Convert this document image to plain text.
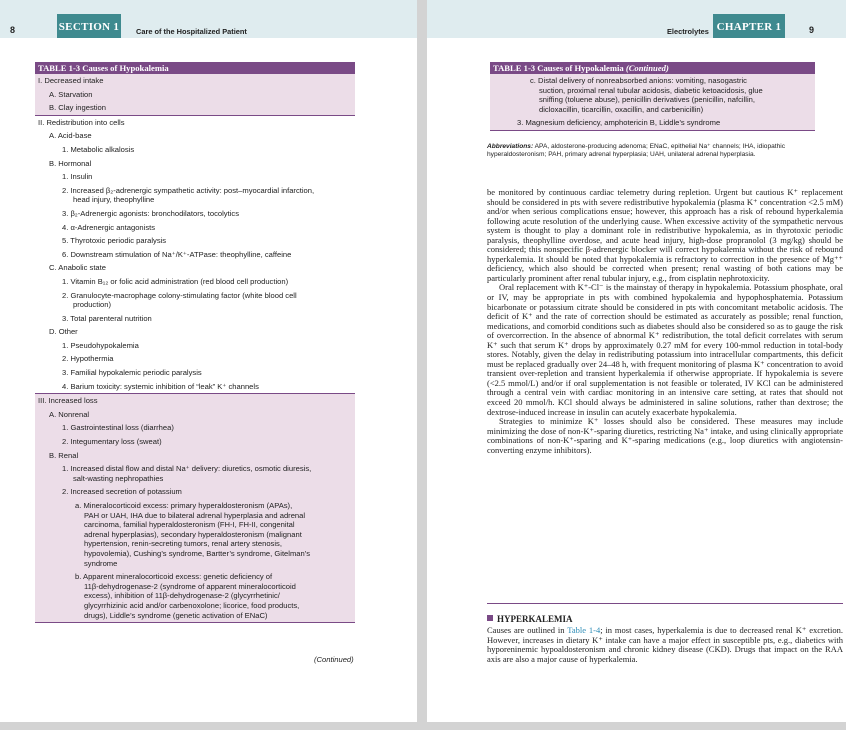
8	SECTION 1 Care of the Hospitalized Patient
TABLE 1-3 Causes of Hypokalemia
I. Decreased intake
A. Starvation
B. Clay ingestion
II. Redistribution into cells
A. Acid-base
1. Metabolic alkalosis
B. Hormonal
1. Insulin
2. Increased β₂-adrenergic sympathetic activity: post–myocardial infarction,
head injury, theophylline
3. β₂-Adrenergic agonists: bronchodilators, tocolytics
4. α-Adrenergic antagonists
5. Thyrotoxic periodic paralysis
6. Downstream stimulation of Na⁺/K⁺-ATPase: theophylline, caffeine
C. Anabolic state
1. Vitamin B₁₂ or folic acid administration (red blood cell production)
2. Granulocyte-macrophage colony-stimulating factor (white blood cell
production)
3. Total parenteral nutrition
D. Other
1. Pseudohypokalemia
2. Hypothermia
3. Familial hypokalemic periodic paralysis
4. Barium toxicity: systemic inhibition of “leak” K⁺ channels
III. Increased loss
A. Nonrenal
1. Gastrointestinal loss (diarrhea)
2. Integumentary loss (sweat)
B. Renal
1. Increased distal flow and distal Na⁺ delivery: diuretics, osmotic diuresis,
salt-wasting nephropathies
2. Increased secretion of potassium
a. Mineralocorticoid excess: primary hyperaldosteronism (APAs),
PAH or UAH, IHA due to bilateral adrenal hyperplasia and adrenal
carcinoma, familial hyperaldosteronism (FH-I, FH-II, congenital
adrenal hyperplasias), secondary hyperaldosteronism (malignant
hypertension, renin-secreting tumors, renal artery stenosis,
hypovolemia), Cushing’s syndrome, Bartter’s syndrome, Gitelman’s
syndrome
b. Apparent mineralocorticoid excess: genetic deficiency of
11β-dehydrogenase-2 (syndrome of apparent mineralocorticoid
excess), inhibition of 11β-dehydrogenase-2 (glycyrrhetinic/
glycyrrhizinic acid and/or carbenoxolone; licorice, food products,
drugs), Liddle’s syndrome (genetic activation of ENaC)
(Continued)
Electrolytes CHAPTER 1	9
TABLE 1-3 Causes of Hypokalemia (Continued)
c. Distal delivery of nonreabsorbed anions: vomiting, nasogastric
suction, proximal renal tubular acidosis, diabetic ketoacidosis, glue
sniffing (toluene abuse), penicillin derivatives (penicillin, nafcillin,
dicloxacillin, ticarcillin, oxacillin, and carbenicillin)
3. Magnesium deficiency, amphotericin B, Liddle’s syndrome
Abbreviations: APA, aldosterone-producing adenoma; ENaC, epithelial Na⁺ channels; IHA, idiopathic hyperaldosteronism; PAH, primary adrenal hyperplasia; UAH, unilateral adrenal hyperplasia.

be monitored by continuous cardiac telemetry during repletion. Urgent but cautious K⁺ replacement should be considered in pts with severe redistributive hypokalemia (plasma K⁺ concentration <2.5 mM) and/or when serious complications ensue; however, this approach has a risk of rebound hyperkalemia following acute resolution of the underlying cause. When excessive activity of the sympathetic nervous system is thought to play a dominant role in redistributive hypokalemia, as in thyrotoxic periodic paralysis, theophylline overdose, and acute head injury, high-dose propranolol (3 mg/kg) should be considered; this nonspecific β-adrenergic blocker will correct hypokalemia without the risk of rebound hyperkalemia. It should be noted that hypokalemia is refractory to correction in the presence of Mg⁺⁺ deficiency, which also should be corrected when present; renal wasting of both cations may be particularly prominent after renal tubular injury, e.g., from cisplatin nephrotoxicity.

Oral replacement with K⁺-Cl⁻ is the mainstay of therapy in hypokalemia. Potassium phosphate, oral or IV, may be appropriate in pts with combined hypokalemia and hypophosphatemia. Potassium bicarbonate or potassium citrate should be considered in pts with concomitant metabolic acidosis. The deficit of K⁺ and the rate of correction should be estimated as accurately as possible; renal function, medications, and comorbid conditions such as diabetes should also be considered so as to gauge the risk of overcorrection. In the absence of abnormal K⁺ redistribution, the total deficit correlates with serum K⁺ such that serum K⁺ drops by approximately 0.27 mM for every 100-mmol reduction in total-body stores. Notably, given the delay in redistributing potassium into intracellular compartments, this deficit must be replaced gradually over 24–48 h, with frequent monitoring of plasma K⁺ concentration to avoid transient over-repletion and transient hyperkalemia if otherwise appropriate. If hypokalemia is severe (<2.5 mmol/L) and/or if oral supplementation is not feasible or tolerated, IV KCl can be administered through a central vein with cardiac monitoring in an intensive care setting, at rates that should not exceed 20 mmol/h. KCl should always be administered in saline solutions, rather than dextrose; the dextrose-induced increase in insulin can acutely exacerbate hypokalemia.

Strategies to minimize K⁺ losses should also be considered. These measures may include minimizing the dose of non-K⁺-sparing diuretics, restricting Na⁺ intake, and using clinically appropriate combinations of non-K⁺-sparing and K⁺-sparing medications (e.g., loop diuretics with angiotensin-converting enzyme inhibitors).

HYPERKALEMIA
Causes are outlined in Table 1-4; in most cases, hyperkalemia is due to decreased renal K⁺ excretion. However, increases in dietary K⁺ intake can have a major effect in susceptible pts, e.g., diabetics with hyporeninemic hypoaldosteronism and chronic kidney disease (CKD). Drugs that impact on the RAA axis are also a major cause of hyperkalemia.
